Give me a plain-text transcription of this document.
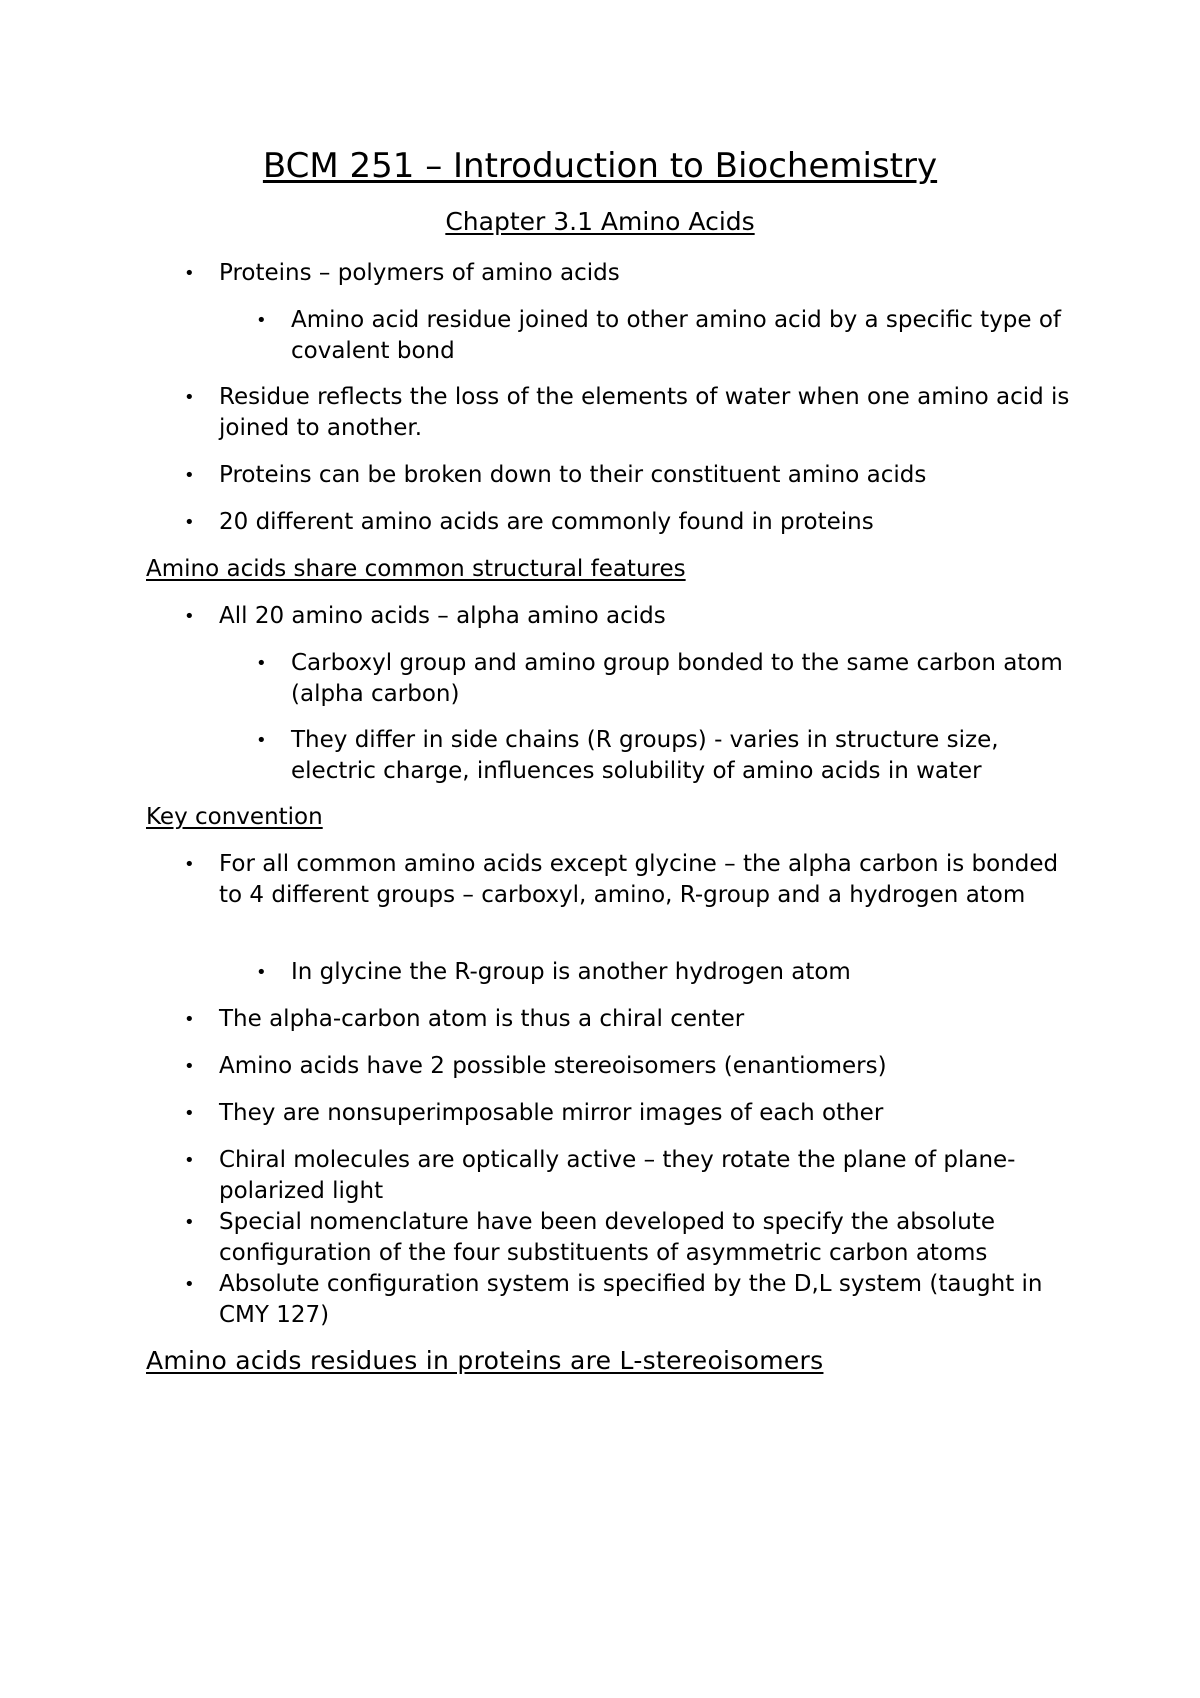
BCM 251 – Introduction to Biochemistry
Chapter 3.1 Amino Acids
• Proteins – polymers of amino acids
• Amino acid residue joined to other amino acid by a specific type of covalent bond
• Residue reflects the loss of the elements of water when one amino acid is joined to another.
• Proteins can be broken down to their constituent amino acids
• 20 different amino acids are commonly found in proteins
Amino acids share common structural features
• All 20 amino acids – alpha amino acids
• Carboxyl group and amino group bonded to the same carbon atom (alpha carbon)
• They differ in side chains (R groups) - varies in structure size, electric charge, influences solubility of amino acids in water
Key convention
• For all common amino acids except glycine – the alpha carbon is bonded to 4 different groups – carboxyl, amino, R-group and a hydrogen atom
• In glycine the R-group is another hydrogen atom
• The alpha-carbon atom is thus a chiral center
• Amino acids have 2 possible stereoisomers (enantiomers)
• They are nonsuperimposable mirror images of each other
• Chiral molecules are optically active – they rotate the plane of plane-polarized light
• Special nomenclature have been developed to specify the absolute configuration of the four substituents of asymmetric carbon atoms
• Absolute configuration system is specified by the D,L system (taught in CMY 127)
Amino acids residues in proteins are L-stereoisomers
